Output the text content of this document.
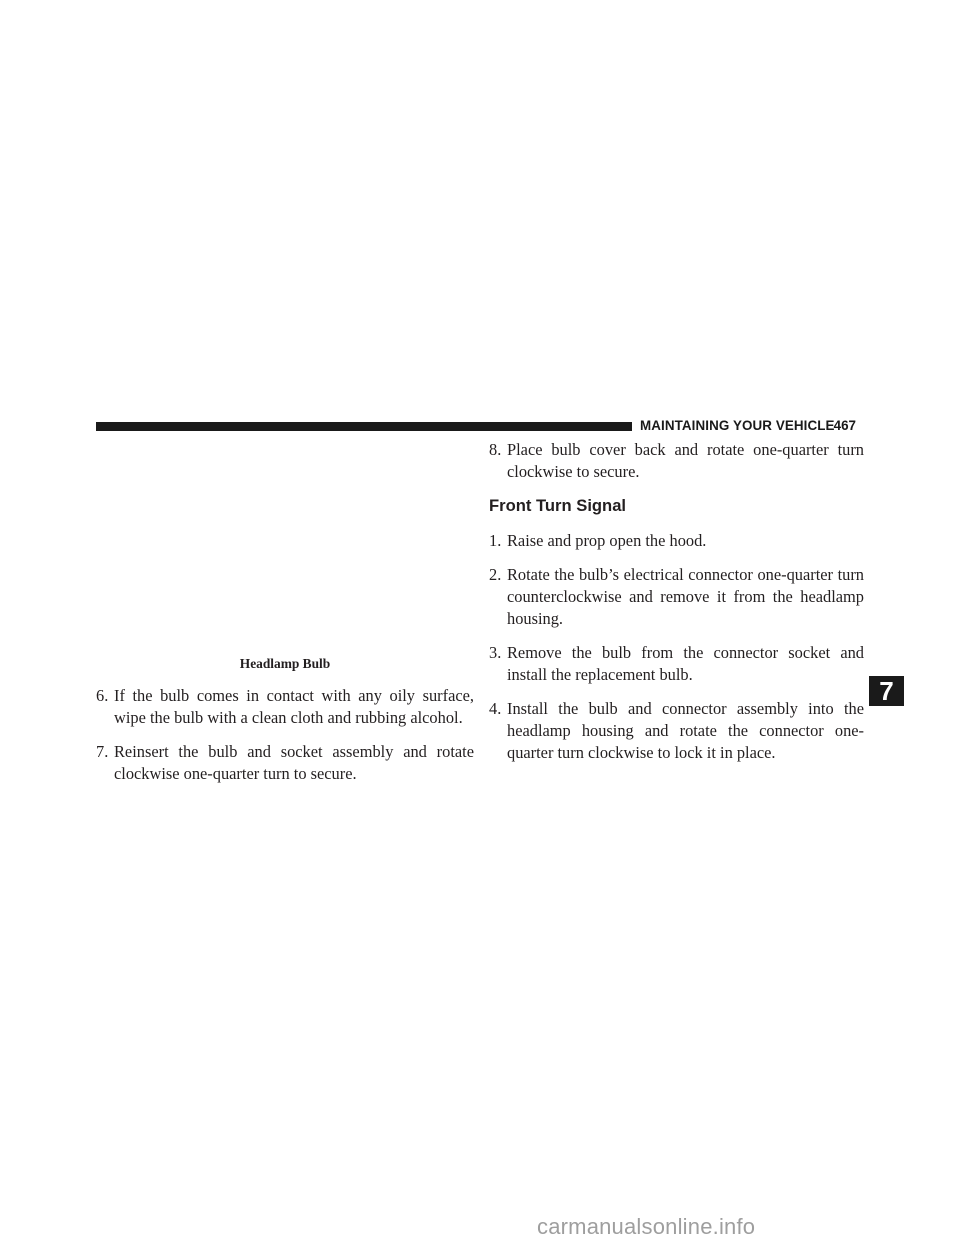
MAINTAINING YOUR VEHICLE 467
Headlamp Bulb
6. If the bulb comes in contact with any oily surface, wipe the bulb with a clean cloth and rubbing alcohol.
7. Reinsert the bulb and socket assembly and rotate clockwise one-quarter turn to secure.
8. Place bulb cover back and rotate one-quarter turn clockwise to secure.
Front Turn Signal
1. Raise and prop open the hood.
2. Rotate the bulb’s electrical connector one-quarter turn counterclockwise and remove it from the headlamp housing.
3. Remove the bulb from the connector socket and install the replacement bulb.
4. Install the bulb and connector assembly into the headlamp housing and rotate the connector one-quarter turn clockwise to lock it in place.
7
carmanualsonline.info
